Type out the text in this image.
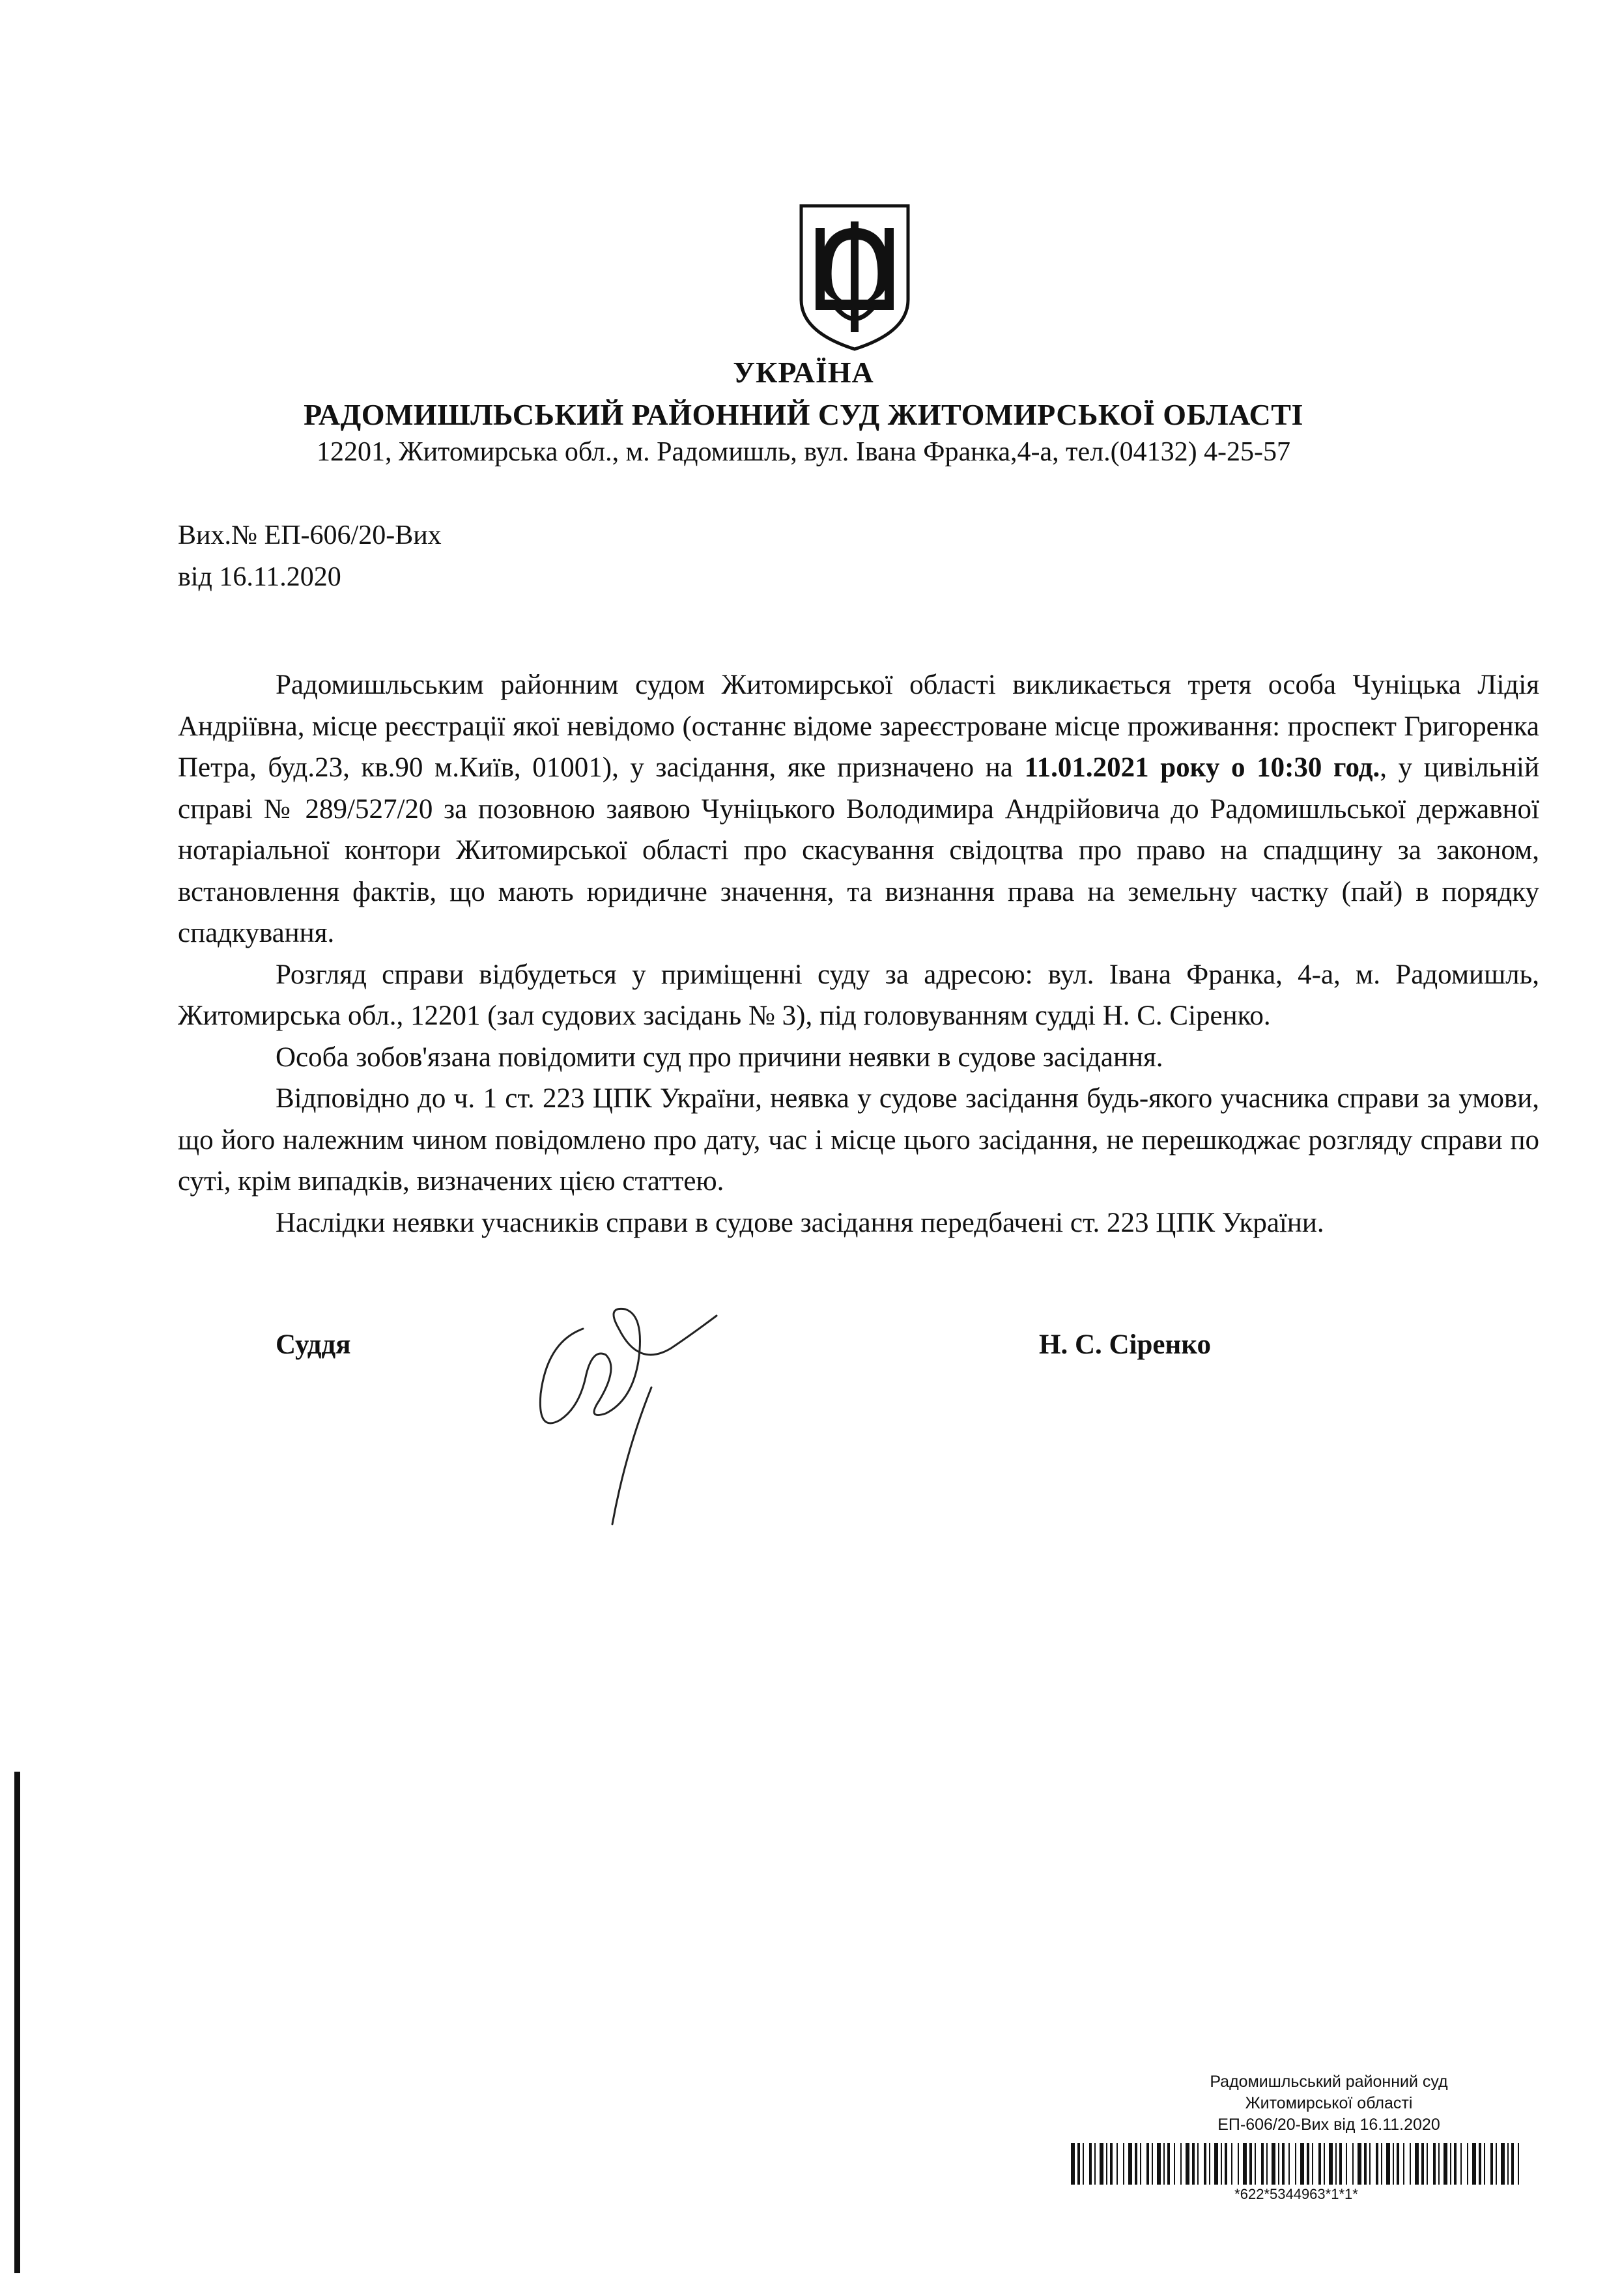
УКРАЇНА
РАДОМИШЛЬСЬКИЙ РАЙОННИЙ СУД ЖИТОМИРСЬКОЇ ОБЛАСТІ
12201, Житомирська обл., м. Радомишль, вул. Івана Франка,4-а, тел.(04132) 4-25-57
Вих.№ ЕП-606/20-Вих
від 16.11.2020

Радомишльським районним судом Житомирської області викликається третя особа Чуніцька Лідія Андріївна, місце реєстрації якої невідомо (останнє відоме зареєстроване місце проживання: проспект Григоренка Петра, буд.23, кв.90 м.Київ, 01001), у засідання, яке призначено на 11.01.2021 року о 10:30 год., у цивільній справі № 289/527/20 за позовною заявою Чуніцького Володимира Андрійовича до Радомишльської державної нотаріальної контори Житомирської області про скасування свідоцтва про право на спадщину за законом, встановлення фактів, що мають юридичне значення, та визнання права на земельну частку (пай) в порядку спадкування.

Розгляд справи відбудеться у приміщенні суду за адресою: вул. Івана Франка, 4-а, м. Радомишль, Житомирська обл., 12201 (зал судових засідань № 3), під головуванням судді Н. С. Сіренко.

Особа зобов'язана повідомити суд про причини неявки в судове засідання.

Відповідно до ч. 1 ст. 223 ЦПК України, неявка у судове засідання будь-якого учасника справи за умови, що його належним чином повідомлено про дату, час і місце цього засідання, не перешкоджає розгляду справи по суті, крім випадків, визначених цією статтею.

Наслідки неявки учасників справи в судове засідання передбачені ст. 223 ЦПК України.

Суддя	Н. С. Сіренко
Радомишльський районний суд
Житомирської області
ЕП-606/20-Вих від 16.11.2020
*622*5344963*1*1*
